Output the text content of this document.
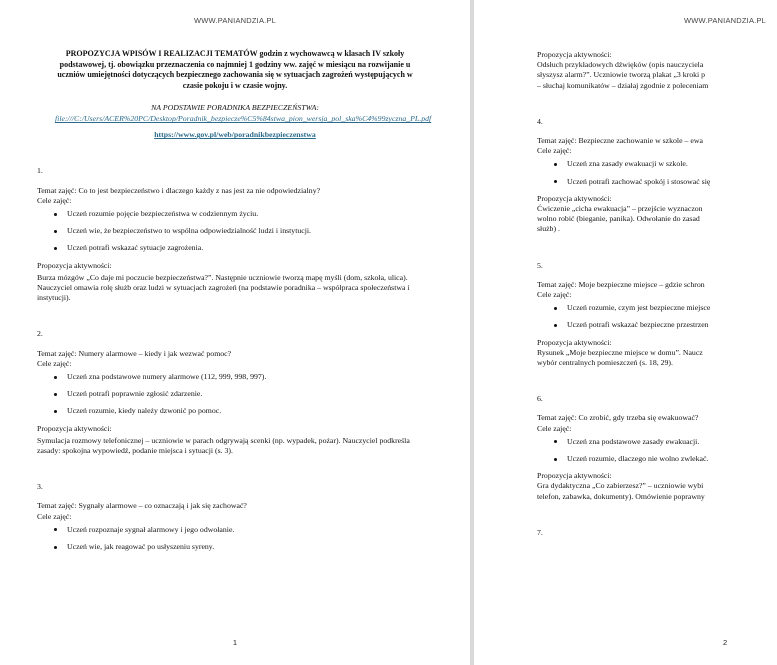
WWW.PANIANDZIA.PL
PROPOZYCJA WPISÓW I REALIZACJI TEMATÓW godzin z wychowawcą w klasach IV szkoły podstawowej, tj. obowiązku przeznaczenia co najmniej 1 godziny ww. zajęć w miesiącu na rozwijanie u uczniów umiejętności dotyczących bezpiecznego zachowania się w sytuacjach zagrożeń występujących w czasie pokoju i w czasie wojny.
NA PODSTAWIE PORADNIKA BEZPIECZEŃSTWA:
file:///C:/Users/ACER%20PC/Desktop/Poradnik_bezpiecze%C5%84stwa_pion_wersja_pol_ska%C4%99zyczna_PL.pdf
https://www.gov.pl/web/poradnikbezpieczenstwa
1.
Temat zajęć: Co to jest bezpieczeństwo i dlaczego każdy z nas jest za nie odpowiedzialny?
Cele zajęć:
Uczeń rozumie pojęcie bezpieczeństwa w codziennym życiu.
Uczeń wie, że bezpieczeństwo to wspólna odpowiedzialność ludzi i instytucji.
Uczeń potrafi wskazać sytuacje zagrożenia.
Propozycja aktywności:
Burza mózgów „Co daje mi poczucie bezpieczeństwa?”. Następnie uczniowie tworzą mapę myśli (dom, szkoła, ulica). Nauczyciel omawia rolę służb oraz ludzi w sytuacjach zagrożeń (na podstawie poradnika – współpraca społeczeństwa i instytucji).
2.
Temat zajęć: Numery alarmowe – kiedy i jak wezwać pomoc?
Cele zajęć:
Uczeń zna podstawowe numery alarmowe (112, 999, 998, 997).
Uczeń potrafi poprawnie zgłosić zdarzenie.
Uczeń rozumie, kiedy należy dzwonić po pomoc.
Propozycja aktywności:
Symulacja rozmowy telefonicznej – uczniowie w parach odgrywają scenki (np. wypadek, pożar). Nauczyciel podkreśla zasady: spokojna wypowiedź, podanie miejsca i sytuacji (s. 3).
3.
Temat zajęć: Sygnały alarmowe – co oznaczają i jak się zachować?
Cele zajęć:
Uczeń rozpoznaje sygnał alarmowy i jego odwołanie.
Uczeń wie, jak reagować po usłyszeniu syreny.
1
WWW.PANIANDZIA.PL
Propozycja aktywności:
Odsłuch przykładowych dźwięków (opis nauczyciela
słyszysz alarm?”. Uczniowie tworzą plakat „3 kroki p
– słuchaj komunikatów – działaj zgodnie z poleceniam
4.
Temat zajęć: Bezpieczne zachowanie w szkole – ewa
Cele zajęć:
Uczeń zna zasady ewakuacji w szkole.
Uczeń potrafi zachować spokój i stosować się
Propozycja aktywności:
Ćwiczenie „cicha ewakuacja” – przejście wyznaczon
wolno robić (bieganie, panika). Odwołanie do zasad
służb) .
5.
Temat zajęć: Moje bezpieczne miejsce – gdzie schron
Cele zajęć:
Uczeń rozumie, czym jest bezpieczne miejsce
Uczeń potrafi wskazać bezpieczne przestrzen
Propozycja aktywności:
Rysunek „Moje bezpieczne miejsce w domu”. Naucz
wybór centralnych pomieszczeń (s. 18, 29).
6.
Temat zajęć: Co zrobić, gdy trzeba się ewakuować?
Cele zajęć:
Uczeń zna podstawowe zasady ewakuacji.
Uczeń rozumie, dlaczego nie wolno zwlekać.
Propozycja aktywności:
Gra dydaktyczna „Co zabierzesz?” – uczniowie wybi
telefon, zabawka, dokumenty). Omówienie poprawny
7.
2
